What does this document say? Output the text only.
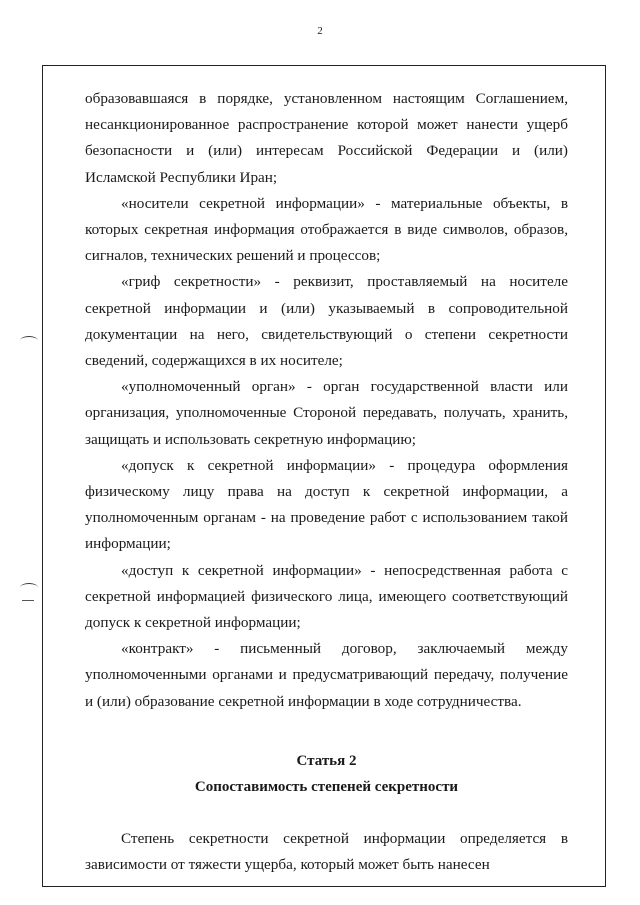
2

образовавшаяся в порядке, установленном настоящим Соглашением, несанкционированное распространение которой может нанести ущерб безопасности и (или) интересам Российской Федерации и (или) Исламской Республики Иран;

«носители секретной информации» - материальные объекты, в которых секретная информация отображается в виде символов, образов, сигналов, технических решений и процессов;

«гриф секретности» - реквизит, проставляемый на носителе секретной информации и (или) указываемый в сопроводительной документации на него, свидетельствующий о степени секретности сведений, содержащихся в их носителе;

«уполномоченный орган» - орган государственной власти или организация, уполномоченные Стороной передавать, получать, хранить, защищать и использовать секретную информацию;

«допуск к секретной информации» - процедура оформления физическому лицу права на доступ к секретной информации, а уполномоченным органам - на проведение работ с использованием такой информации;

«доступ к секретной информации» - непосредственная работа с секретной информацией физического лица, имеющего соответствующий допуск к секретной информации;

«контракт» - письменный договор, заключаемый между уполномоченными органами и предусматривающий передачу, получение и (или) образование секретной информации в ходе сотрудничества.

Статья 2

Сопоставимость степеней секретности

Степень секретности секретной информации определяется в зависимости от тяжести ущерба, который может быть нанесен
